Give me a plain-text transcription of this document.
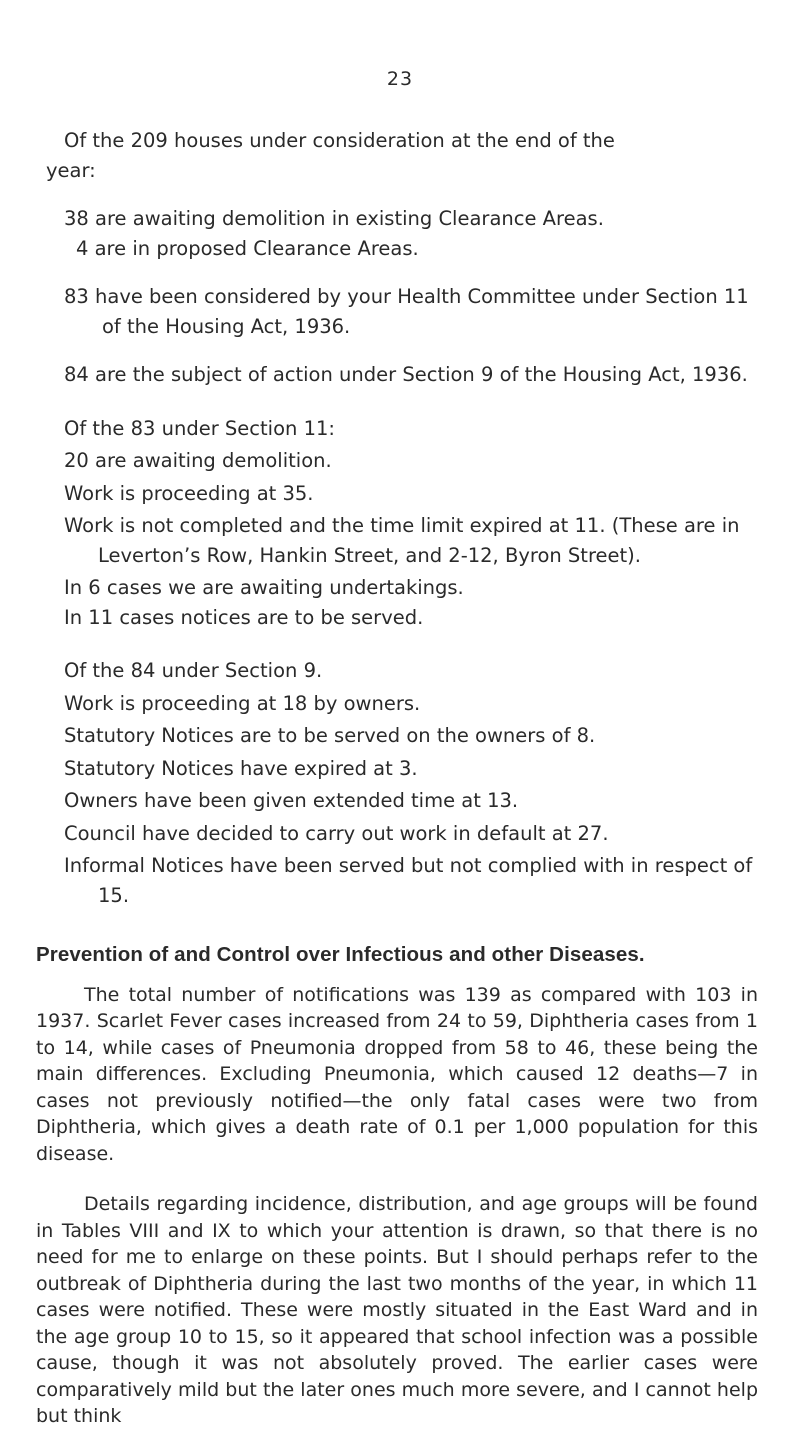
23

Of the 209 houses under consideration at the end of the

year:

38 are awaiting demolition in existing Clearance Areas.

4 are in proposed Clearance Areas.

83 have been considered by your Health Committee under Section 11 of the Housing Act, 1936.

84 are the subject of action under Section 9 of the Housing Act, 1936.

Of the 83 under Section 11:

20 are awaiting demolition.

Work is proceeding at 35.

Work is not completed and the time limit expired at 11. (These are in Leverton’s Row, Hankin Street, and 2-12, Byron Street).

In 6 cases we are awaiting undertakings.

In 11 cases notices are to be served.

Of the 84 under Section 9.

Work is proceeding at 18 by owners.

Statutory Notices are to be served on the owners of 8.

Statutory Notices have expired at 3.

Owners have been given extended time at 13.

Council have decided to carry out work in default at 27.

Informal Notices have been served but not complied with in respect of 15.

Prevention of and Control over Infectious and other Diseases.

The total number of notifications was 139 as compared with 103 in 1937. Scarlet Fever cases increased from 24 to 59, Diphtheria cases from 1 to 14, while cases of Pneumonia dropped from 58 to 46, these being the main differences. Excluding Pneumonia, which caused 12 deaths—7 in cases not previously notified—the only fatal cases were two from Diphtheria, which gives a death rate of 0.1 per 1,000 population for this disease.

Details regarding incidence, distribution, and age groups will be found in Tables VIII and IX to which your attention is drawn, so that there is no need for me to enlarge on these points. But I should perhaps refer to the outbreak of Diphtheria during the last two months of the year, in which 11 cases were notified. These were mostly situated in the East Ward and in the age group 10 to 15, so it appeared that school infection was a possible cause, though it was not absolutely proved. The earlier cases were comparatively mild but the later ones much more severe, and I cannot help but think
